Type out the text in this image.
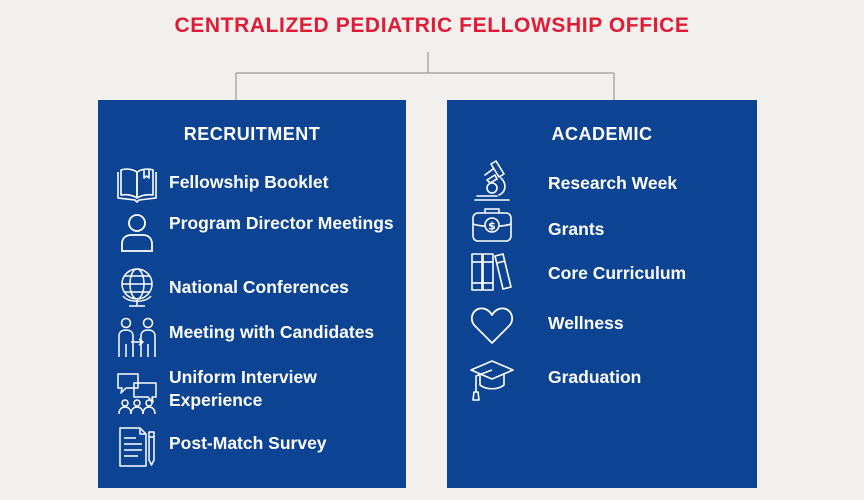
CENTRALIZED PEDIATRIC FELLOWSHIP OFFICE
RECRUITMENT
Fellowship Booklet
Program Director Meetings
National Conferences
Meeting with Candidates
Uniform Interview Experience
Post-Match Survey
ACADEMIC
Research Week
$	Grants
Core Curriculum
Wellness
Graduation
